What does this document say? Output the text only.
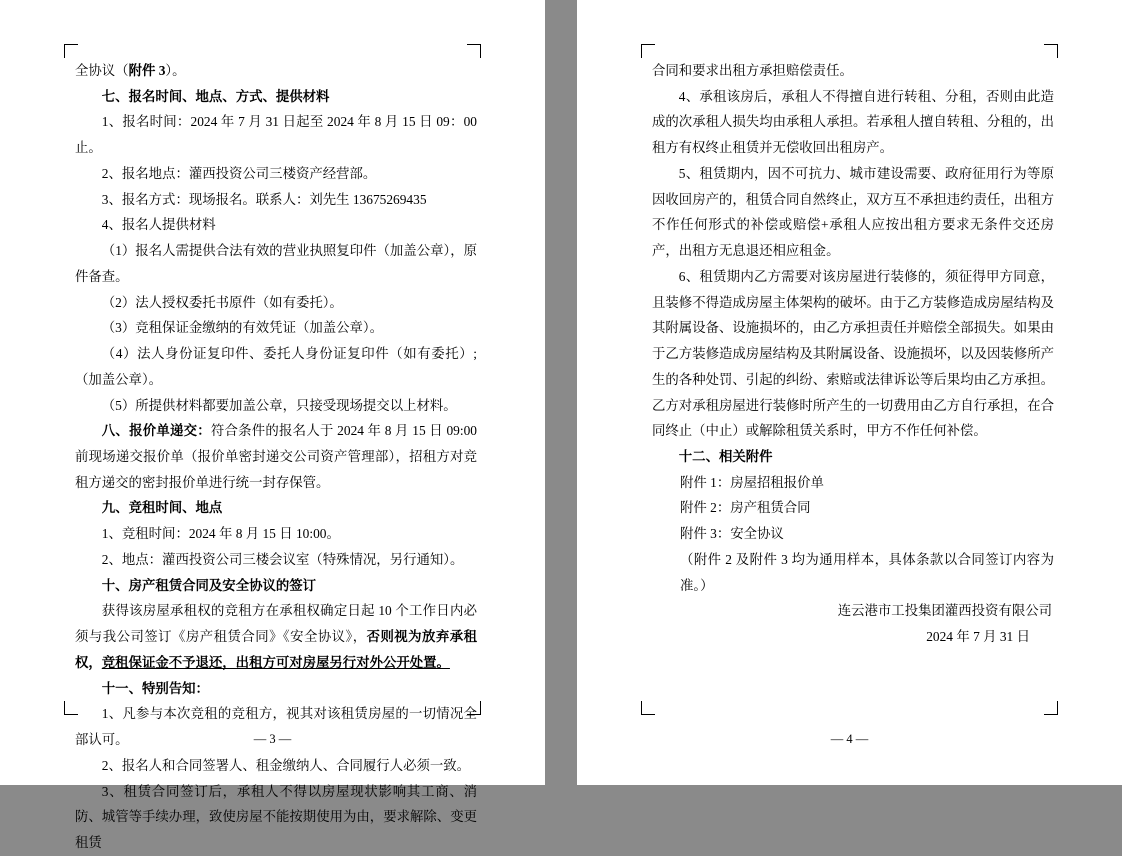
全协议（附件 3）。

七、报名时间、地点、方式、提供材料

1、报名时间：2024 年 7 月 31 日起至 2024 年 8 月 15 日 09：00 止。

2、报名地点：灌西投资公司三楼资产经营部。

3、报名方式：现场报名。联系人：刘先生 13675269435

4、报名人提供材料

（1）报名人需提供合法有效的营业执照复印件（加盖公章），原件备查。

（2）法人授权委托书原件（如有委托）。

（3）竞租保证金缴纳的有效凭证（加盖公章）。

（4）法人身份证复印件、委托人身份证复印件（如有委托）;（加盖公章）。

（5）所提供材料都要加盖公章，只接受现场提交以上材料。

八、报价单递交：符合条件的报名人于 2024 年 8 月 15 日 09:00 前现场递交报价单（报价单密封递交公司资产管理部），招租方对竞租方递交的密封报价单进行统一封存保管。

九、竞租时间、地点

1、竞租时间：2024 年 8 月 15 日 10:00。

2、地点：灌西投资公司三楼会议室（特殊情况，另行通知）。

十、房产租赁合同及安全协议的签订

获得该房屋承租权的竞租方在承租权确定日起 10 个工作日内必须与我公司签订《房产租赁合同》《安全协议》，否则视为放弃承租权，竞租保证金不予退还，出租方可对房屋另行对外公开处置。

十一、特别告知：

1、凡参与本次竞租的竞租方，视其对该租赁房屋的一切情况全部认可。

2、报名人和合同签署人、租金缴纳人、合同履行人必须一致。

3、租赁合同签订后，承租人不得以房屋现状影响其工商、消防、城管等手续办理，致使房屋不能按期使用为由，要求解除、变更租赁

— 3 —

合同和要求出租方承担赔偿责任。

4、承租该房后，承租人不得擅自进行转租、分租，否则由此造成的次承租人损失均由承租人承担。若承租人擅自转租、分租的，出租方有权终止租赁并无偿收回出租房产。

5、租赁期内，因不可抗力、城市建设需要、政府征用行为等原因收回房产的，租赁合同自然终止，双方互不承担违约责任，出租方不作任何形式的补偿或赔偿+承租人应按出租方要求无条件交还房产，出租方无息退还相应租金。

6、租赁期内乙方需要对该房屋进行装修的，须征得甲方同意，且装修不得造成房屋主体架构的破坏。由于乙方装修造成房屋结构及其附属设备、设施损坏的，由乙方承担责任并赔偿全部损失。如果由于乙方装修造成房屋结构及其附属设备、设施损坏，以及因装修所产生的各种处罚、引起的纠纷、索赔或法律诉讼等后果均由乙方承担。乙方对承租房屋进行装修时所产生的一切费用由乙方自行承担，在合同终止（中止）或解除租赁关系时，甲方不作任何补偿。

十二、相关附件

附件 1：房屋招租报价单

附件 2：房产租赁合同

附件 3：安全协议

（附件 2 及附件 3 均为通用样本，具体条款以合同签订内容为准。）

连云港市工投集团灌西投资有限公司

2024 年 7 月 31 日

— 4 —
